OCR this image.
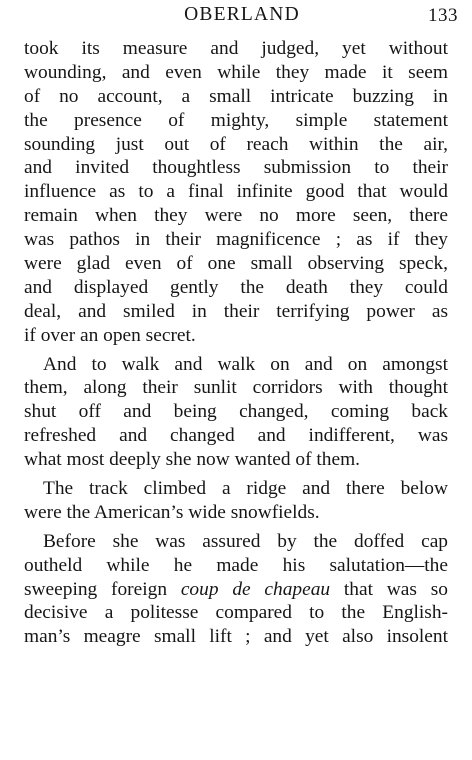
OBERLAND	133
took its measure and judged, yet without
wounding, and even while they made it seem
of no account, a small intricate buzzing in
the presence of mighty, simple statement
sounding just out of reach within the air,
and invited thoughtless submission to their
influence as to a final infinite good that would
remain when they were no more seen, there
was pathos in their magnificence ; as if they
were glad even of one small observing speck,
and displayed gently the death they could
deal, and smiled in their terrifying power as
if over an open secret.
And to walk and walk on and on amongst
them, along their sunlit corridors with thought
shut off and being changed, coming back
refreshed and changed and indifferent, was
what most deeply she now wanted of them.
The track climbed a ridge and there below
were the American’s wide snowfields.
Before she was assured by the doffed cap
outheld while he made his salutation—the
sweeping foreign coup de chapeau that was so
decisive a politesse compared to the English-
man’s meagre small lift ; and yet also insolent
